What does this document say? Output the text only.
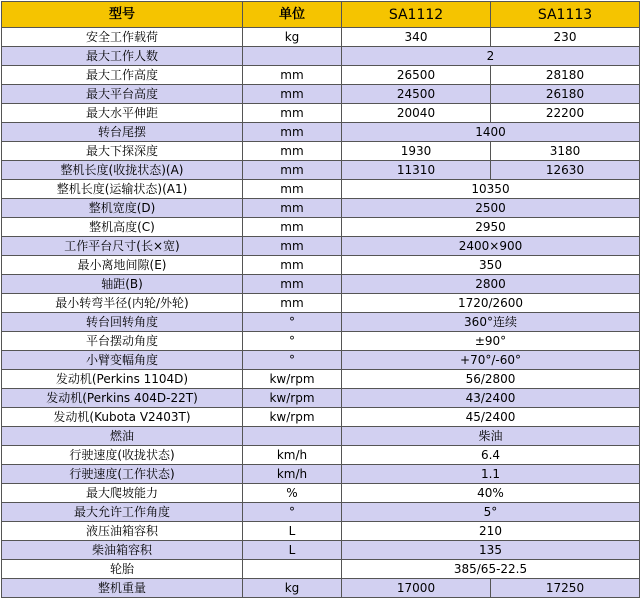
型号	单位	SA1112	SA1113
安全工作载荷	kg	340	230
最大工作人数		2	
最大工作高度	mm	26500	28180
最大平台高度	mm	24500	26180
最大水平伸距	mm	20040	22200
转台尾摆	mm	1400	
最大下探深度	mm	1930	3180
整机长度(收拢状态)(A)	mm	11310	12630
整机长度(运输状态)(A1)	mm	10350	
整机宽度(D)	mm	2500	
整机高度(C)	mm	2950	
工作平台尺寸(长×宽)	mm	2400×900	
最小离地间隙(E)	mm	350	
轴距(B)	mm	2800	
最小转弯半径(内轮/外轮)	mm	1720/2600	
转台回转角度	°	360°连续	
平台摆动角度	°	±90°	
小臂变幅角度	°	+70°/-60°	
发动机(Perkins 1104D)	kw/rpm	56/2800	
发动机(Perkins 404D-22T)	kw/rpm	43/2400	
发动机(Kubota V2403T)	kw/rpm	45/2400	
燃油		柴油	
行驶速度(收拢状态)	km/h	6.4	
行驶速度(工作状态)	km/h	1.1	
最大爬坡能力	%	40%	
最大允许工作角度	°	5°	
液压油箱容积	L	210	
柴油箱容积	L	135	
轮胎		385/65-22.5	
整机重量	kg	17000	17250
